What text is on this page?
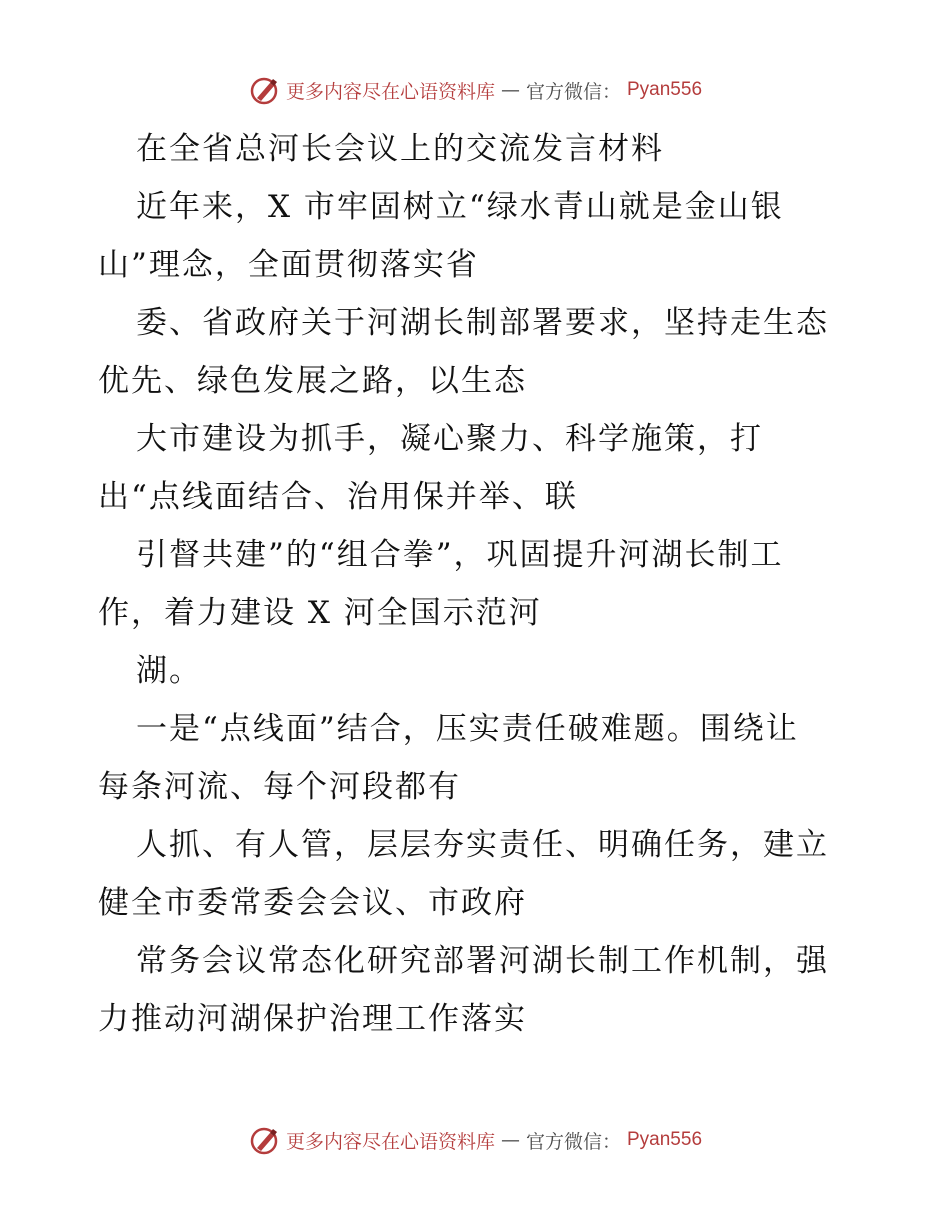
更多内容尽在心语资料库 — 官方微信： Pyan556
在全省总河长会议上的交流发言材料
近年来，X 市牢固树立“绿水青山就是金山银
山”理念，全面贯彻落实省
委、省政府关于河湖长制部署要求，坚持走生态
优先、绿色发展之路，以生态
大市建设为抓手，凝心聚力、科学施策，打
出“点线面结合、治用保并举、联
引督共建”的“组合拳”，巩固提升河湖长制工
作，着力建设 X 河全国示范河
湖。
一是“点线面”结合，压实责任破难题。围绕让
每条河流、每个河段都有
人抓、有人管，层层夯实责任、明确任务，建立
健全市委常委会会议、市政府
常务会议常态化研究部署河湖长制工作机制，强
力推动河湖保护治理工作落实
更多内容尽在心语资料库 — 官方微信： Pyan556
